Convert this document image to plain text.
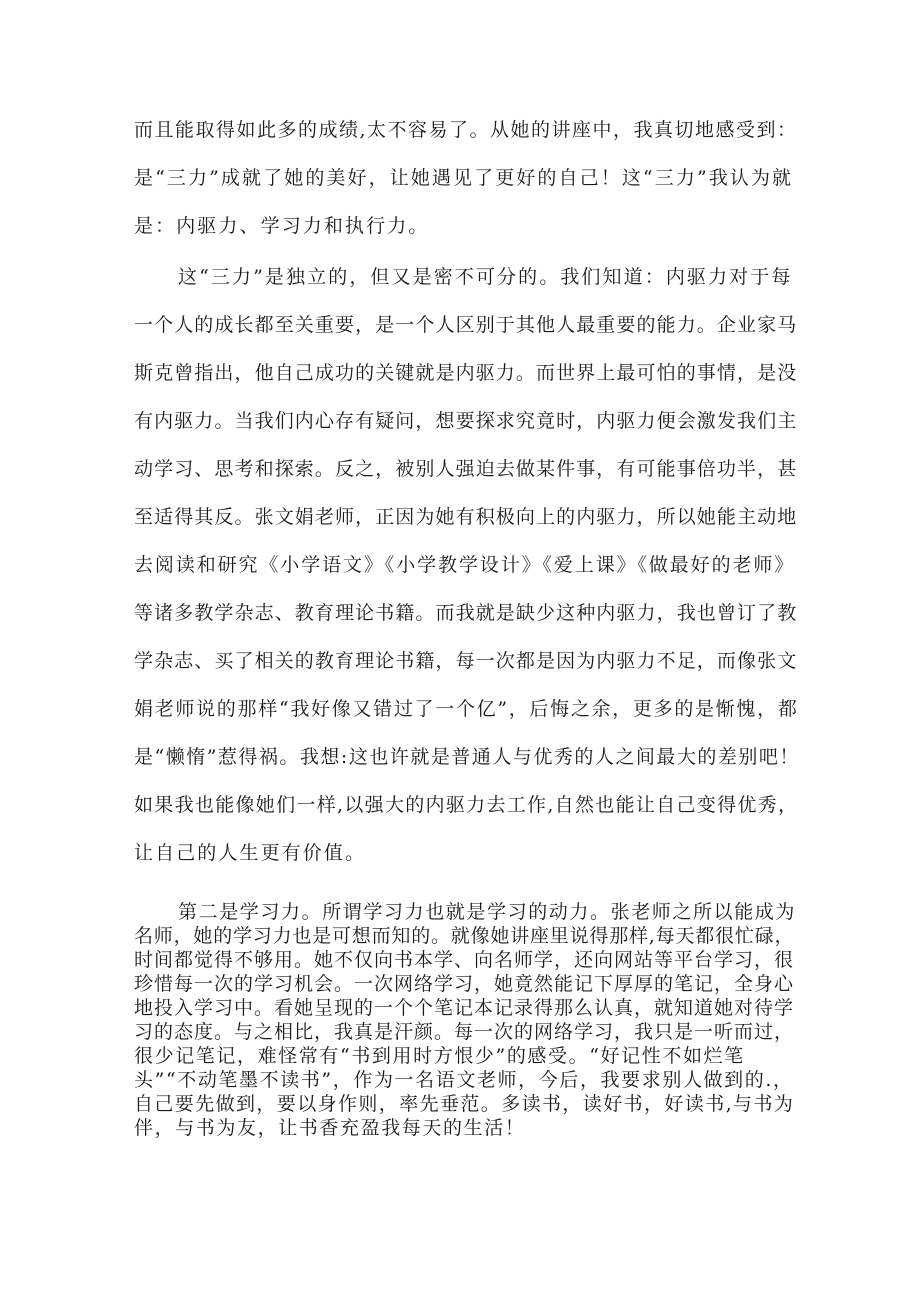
而且能取得如此多的成绩,太不容易了。从她的讲座中，我真切地感受到：
是“三力”成就了她的美好，让她遇见了更好的自己！这“三力”我认为就
是：内驱力、学习力和执行力。
这“三力”是独立的，但又是密不可分的。我们知道：内驱力对于每
一个人的成长都至关重要，是一个人区别于其他人最重要的能力。企业家马
斯克曾指出，他自己成功的关键就是内驱力。而世界上最可怕的事情，是没
有内驱力。当我们内心存有疑问，想要探求究竟时，内驱力便会激发我们主
动学习、思考和探索。反之，被别人强迫去做某件事，有可能事倍功半，甚
至适得其反。张文娟老师，正因为她有积极向上的内驱力，所以她能主动地
去阅读和研究《小学语文》《小学教学设计》《爱上课》《做最好的老师》
等诸多教学杂志、教育理论书籍。而我就是缺少这种内驱力，我也曾订了教
学杂志、买了相关的教育理论书籍，每一次都是因为内驱力不足，而像张文
娟老师说的那样“我好像又错过了一个亿”，后悔之余，更多的是惭愧，都
是“懒惰”惹得祸。我想:这也许就是普通人与优秀的人之间最大的差别吧！
如果我也能像她们一样,以强大的内驱力去工作,自然也能让自己变得优秀，
让自己的人生更有价值。
第二是学习力。所谓学习力也就是学习的动力。张老师之所以能成为
名师，她的学习力也是可想而知的。就像她讲座里说得那样,每天都很忙碌，
时间都觉得不够用。她不仅向书本学、向名师学，还向网站等平台学习，很
珍惜每一次的学习机会。一次网络学习，她竟然能记下厚厚的笔记，全身心
地投入学习中。看她呈现的一个个笔记本记录得那么认真，就知道她对待学
习的态度。与之相比，我真是汗颜。每一次的网络学习，我只是一听而过，
很少记笔记，难怪常有“书到用时方恨少”的感受。“好记性不如烂笔
头”“不动笔墨不读书”，作为一名语文老师，今后，我要求别人做到的.，
自己要先做到，要以身作则，率先垂范。多读书，读好书，好读书,与书为
伴，与书为友，让书香充盈我每天的生活！
